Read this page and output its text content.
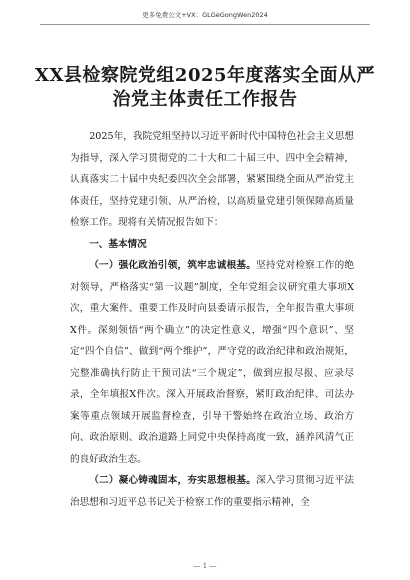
更多免费公文+VX：GLGeGongWen2024
XX县检察院党组2025年度落实全面从严
治党主体责任工作报告

2025年，我院党组坚持以习近平新时代中国特色社会主义思想为指导，深入学习贯彻党的二十大和二十届三中、四中全会精神，认真落实二十届中央纪委四次全会部署，紧紧围绕全面从严治党主体责任，坚持党建引领、从严治检，以高质量党建引领保障高质量检察工作。现将有关情况报告如下：

一、基本情况

（一）强化政治引领，筑牢忠诚根基。坚持党对检察工作的绝对领导，严格落实“第一议题”制度，全年党组会议研究重大事项X次，重大案件、重要工作及时向县委请示报告，全年报告重大事项X件。深刻领悟“两个确立”的决定性意义，增强“四个意识”、坚定“四个自信”、做到“两个维护”，严守党的政治纪律和政治规矩，完整准确执行防止干预司法“三个规定”，做到应报尽报、应录尽录，全年填报X件次。深入开展政治督察，紧盯政治纪律、司法办案等重点领域开展监督检查，引导干警始终在政治立场、政治方向、政治原则、政治道路上同党中央保持高度一致，涵养风清气正的良好政治生态。

（二）凝心铸魂固本，夯实思想根基。深入学习贯彻习近平法治思想和习近平总书记关于检察工作的重要指示精神，全

— 1 —
